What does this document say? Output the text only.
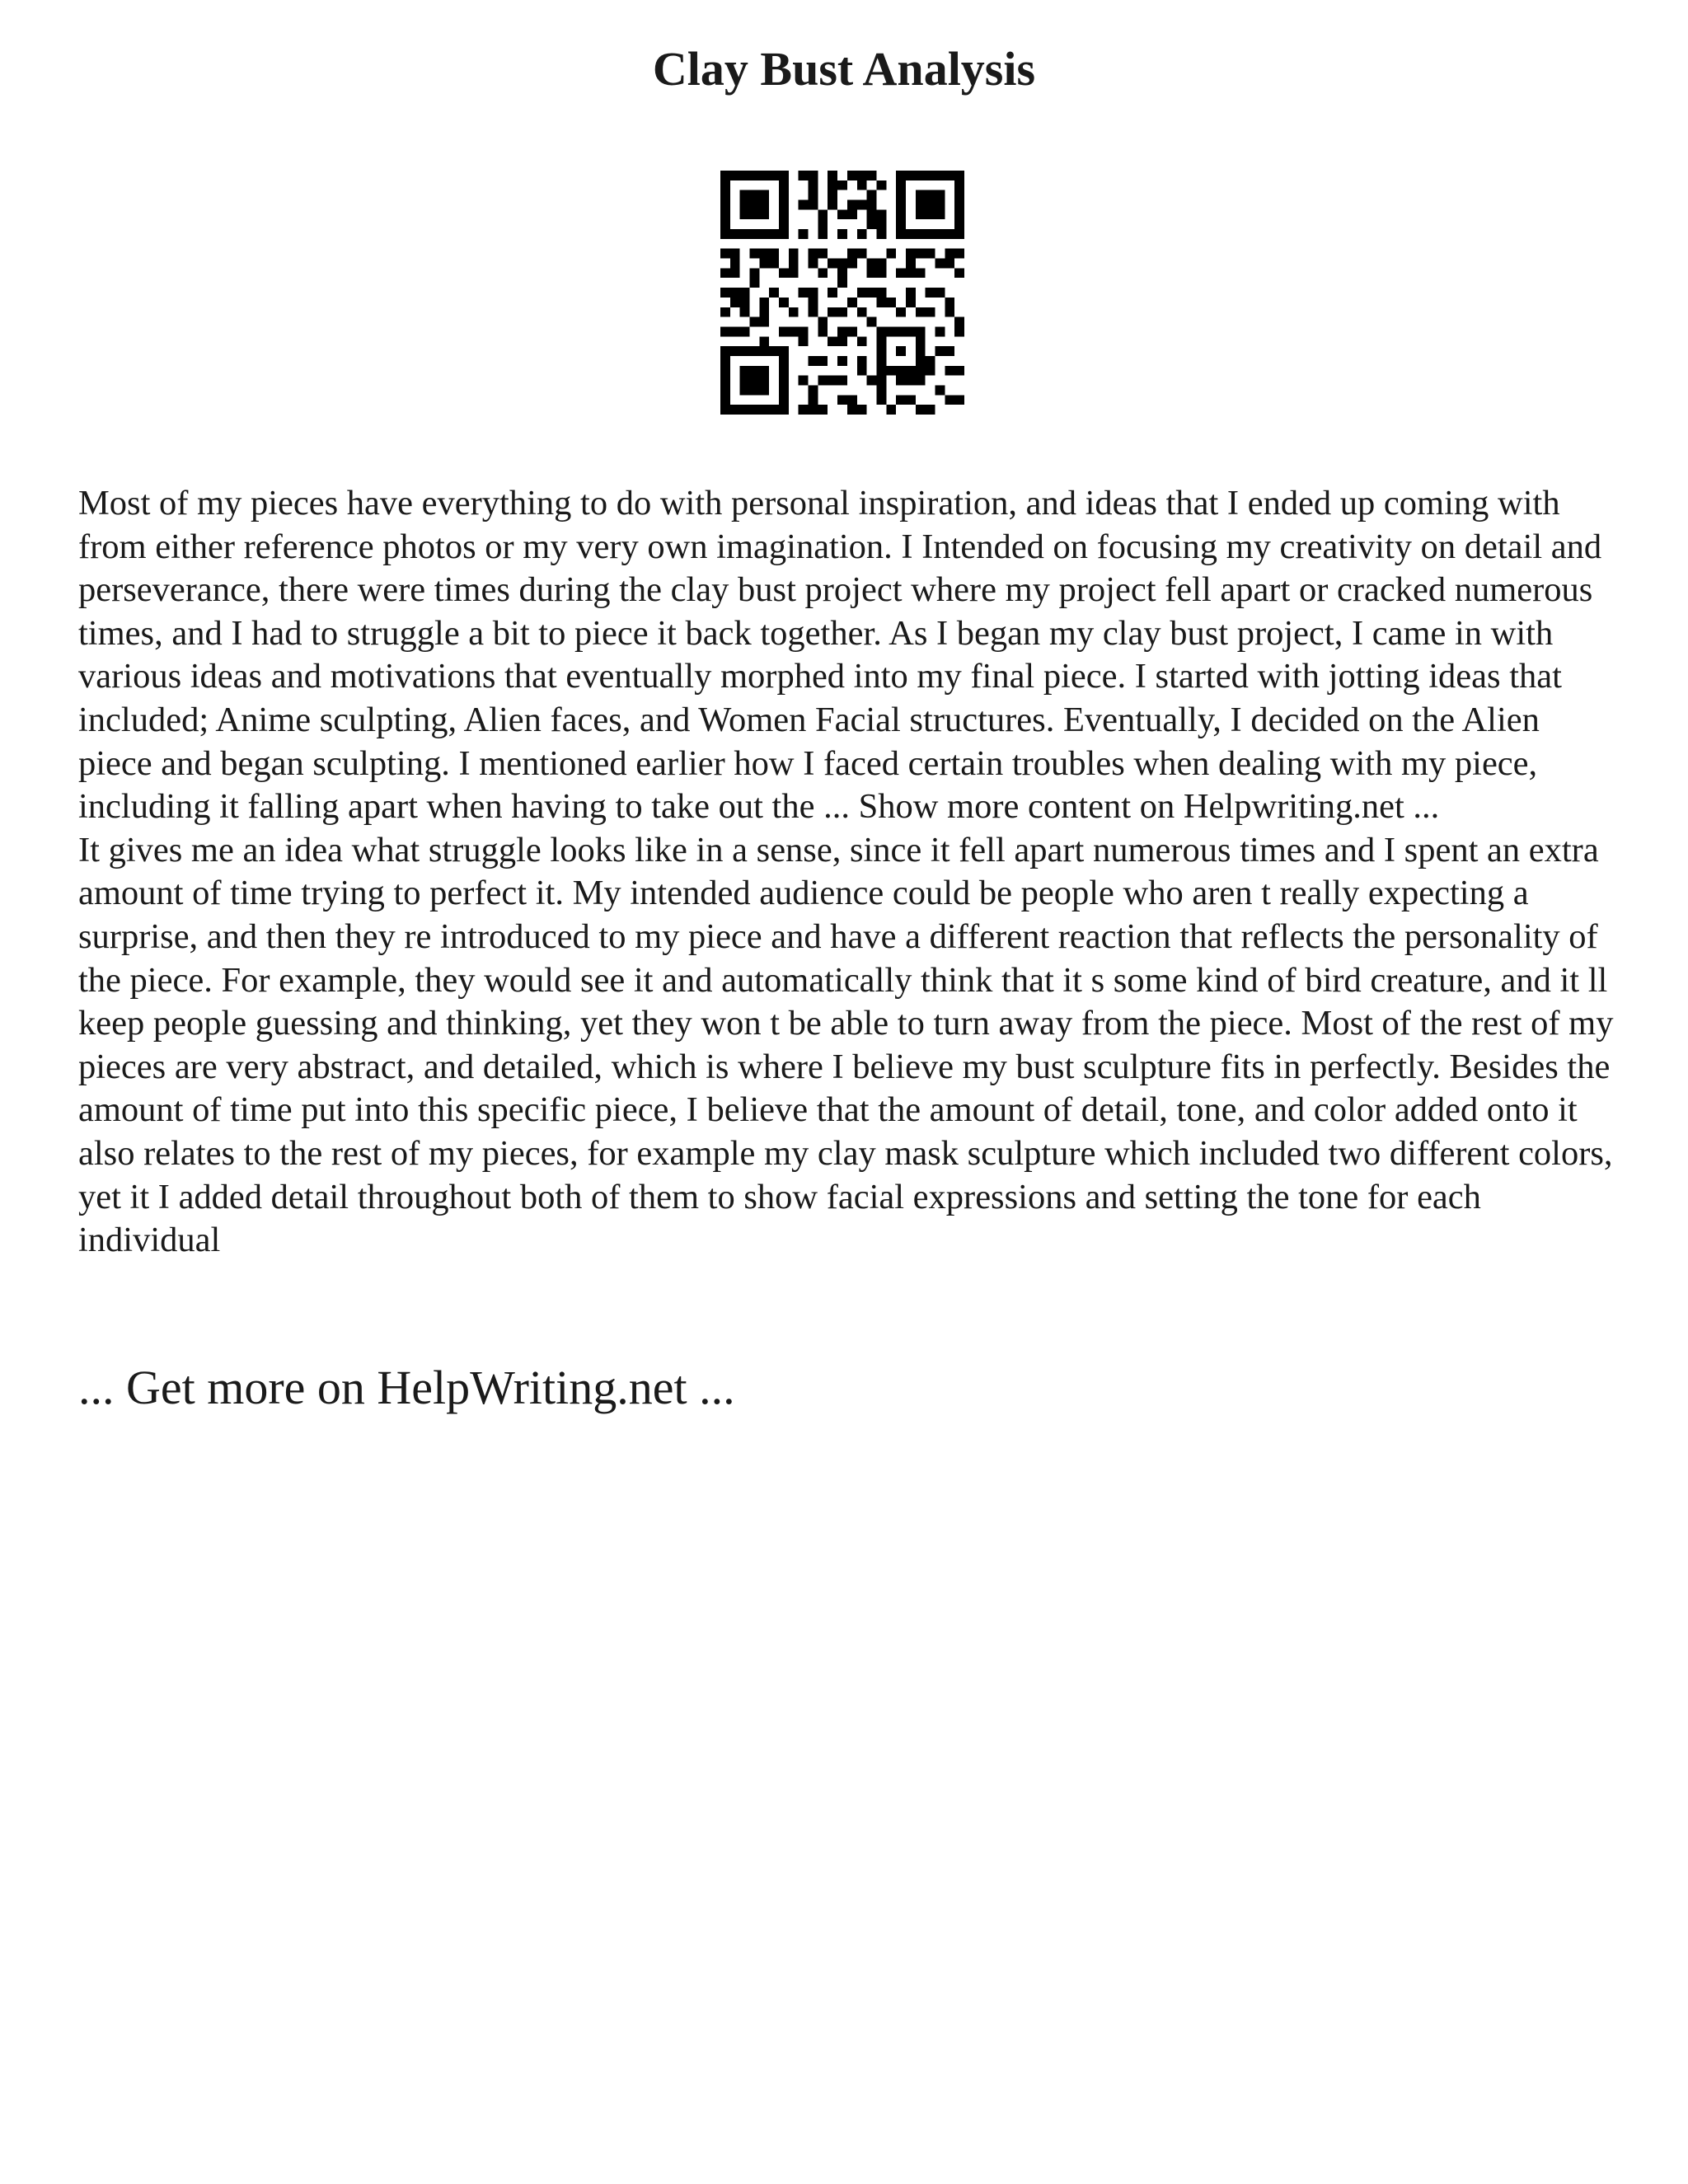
Clay Bust Analysis

Most of my pieces have everything to do with personal inspiration, and ideas that I ended up coming with from either reference photos or my very own imagination. I Intended on focusing my creativity on detail and perseverance, there were times during the clay bust project where my project fell apart or cracked numerous times, and I had to struggle a bit to piece it back together. As I began my clay bust project, I came in with various ideas and motivations that eventually morphed into my final piece. I started with jotting ideas that included; Anime sculpting, Alien faces, and Women Facial structures. Eventually, I decided on the Alien piece and began sculpting. I mentioned earlier how I faced certain troubles when dealing with my piece, including it falling apart when having to take out the ... Show more content on Helpwriting.net ...

It gives me an idea what struggle looks like in a sense, since it fell apart numerous times and I spent an extra amount of time trying to perfect it. My intended audience could be people who aren t really expecting a surprise, and then they re introduced to my piece and have a different reaction that reflects the personality of the piece. For example, they would see it and automatically think that it s some kind of bird creature, and it ll keep people guessing and thinking, yet they won t be able to turn away from the piece. Most of the rest of my pieces are very abstract, and detailed, which is where I believe my bust sculpture fits in perfectly. Besides the amount of time put into this specific piece, I believe that the amount of detail, tone, and color added onto it also relates to the rest of my pieces, for example my clay mask sculpture which included two different colors, yet it I added detail throughout both of them to show facial expressions and setting the tone for each individual

... Get more on HelpWriting.net ...
